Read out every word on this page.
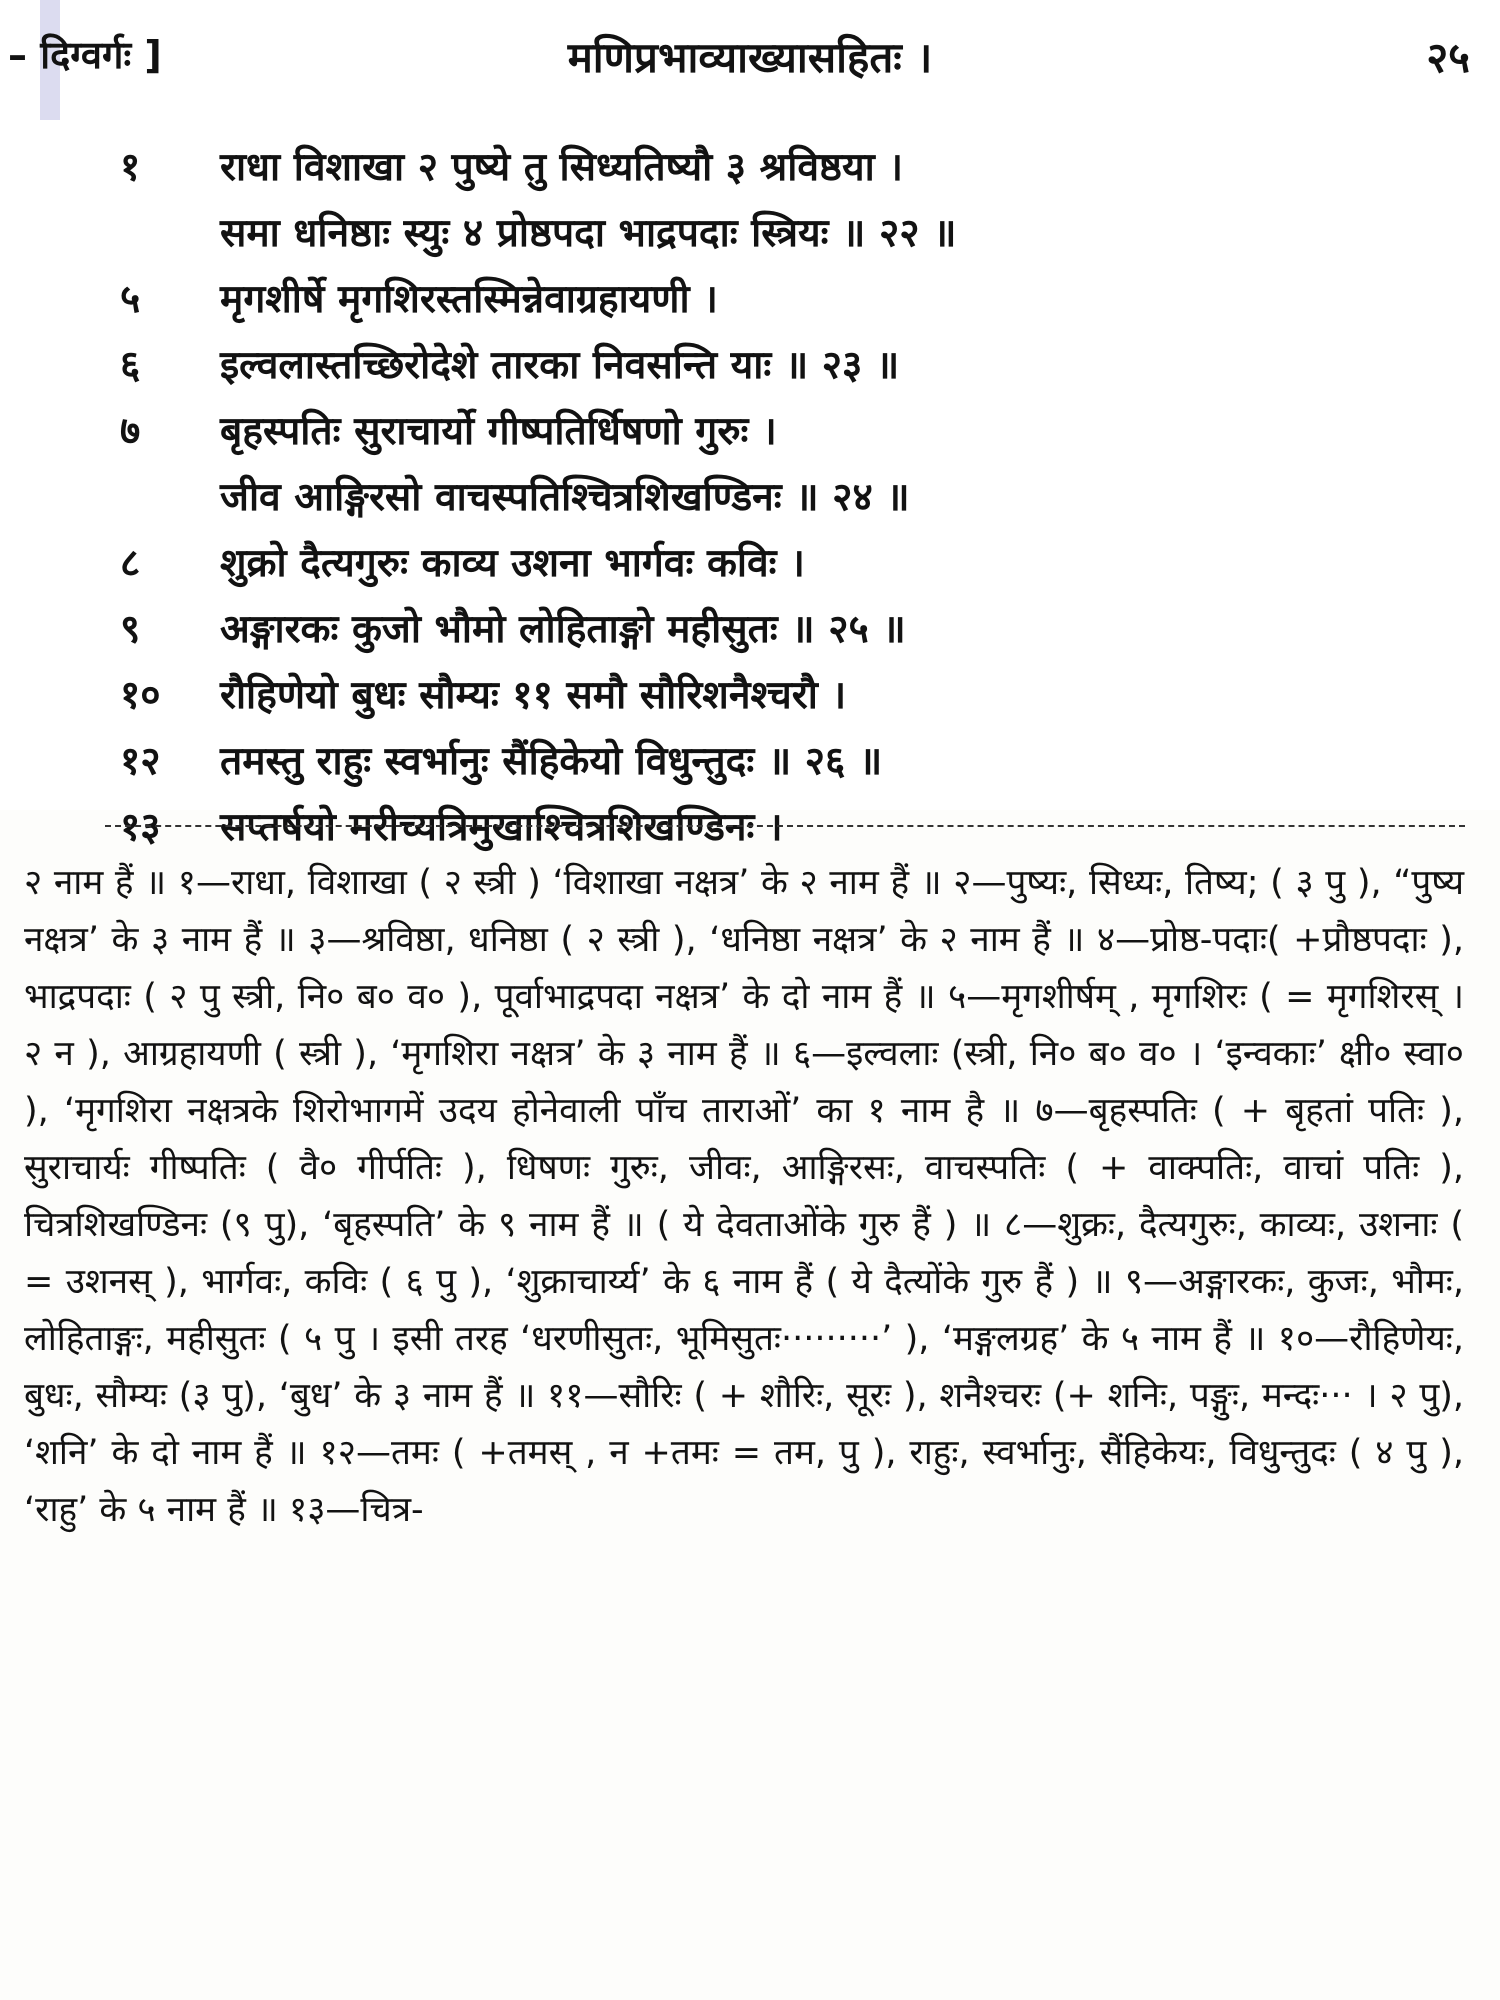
– दिग्वर्गः ]	मणिप्रभाव्याख्यासहितः ।	२५
१	राधा विशाखा २ पुष्ये तु सिध्यतिष्यौ ३ श्रविष्ठया ।
समा धनिष्ठाः स्युः ४ प्रोष्ठपदा भाद्रपदाः स्त्रियः ॥ २२ ॥
५	मृगशीर्षे मृगशिरस्तस्मिन्नेवाग्रहायणी ।
६	इल्वलास्तच्छिरोदेशे तारका निवसन्ति याः ॥ २३ ॥
७	बृहस्पतिः सुराचार्यो गीष्पतिर्धिषणो गुरुः ।
जीव आङ्गिरसो वाचस्पतिश्चित्रशिखण्डिनः ॥ २४ ॥
८	शुक्रो दैत्यगुरुः काव्य उशना भार्गवः कविः ।
९	अङ्गारकः कुजो भौमो लोहिताङ्गो महीसुतः ॥ २५ ॥
१०	रौहिणेयो बुधः सौम्यः ११ समौ सौरिशनैश्चरौ ।
१२	तमस्तु राहुः स्वर्भानुः सैंहिकेयो विधुन्तुदः ॥ २६ ॥
१३	सप्तर्षयो मरीच्यत्रिमुखाश्चित्रशिखण्डिनः ।
२ नाम हैं ॥ १—राधा, विशाखा ( २ स्त्री ) ‘विशाखा नक्षत्र’ के २ नाम हैं ॥ २—पुष्यः, सिध्यः, तिष्य; ( ३ पु ), “पुष्य नक्षत्र’ के ३ नाम हैं ॥ ३—श्रविष्ठा, धनिष्ठा ( २ स्त्री ), ‘धनिष्ठा नक्षत्र’ के २ नाम हैं ॥ ४—प्रोष्ठ-पदाः( +प्रौष्ठपदाः ), भाद्रपदाः ( २ पु स्त्री, नि० ब० व० ), पूर्वाभाद्रपदा नक्षत्र’ के दो नाम हैं ॥ ५—मृगशीर्षम् , मृगशिरः ( = मृगशिरस् । २ न ), आग्रहायणी ( स्त्री ), ‘मृगशिरा नक्षत्र’ के ३ नाम हैं ॥ ६—इल्वलाः (स्त्री, नि० ब० व० । ‘इन्वकाः’ क्षी० स्वा० ), ‘मृगशिरा नक्षत्रके शिरोभागमें उदय होनेवाली पाँच ताराओं’ का १ नाम है ॥ ७—बृहस्पतिः ( + बृहतां पतिः ), सुराचार्यः गीष्पतिः ( वै० गीर्पतिः ), धिषणः गुरुः, जीवः, आङ्गिरसः, वाचस्पतिः ( + वाक्पतिः, वाचां पतिः ), चित्रशिखण्डिनः (९ पु), ‘बृहस्पति’ के ९ नाम हैं ॥ ( ये देवताओंके गुरु हैं ) ॥ ८—शुक्रः, दैत्यगुरुः, काव्यः, उशनाः ( = उशनस् ), भार्गवः, कविः ( ६ पु ), ‘शुक्राचार्य्य’ के ६ नाम हैं ( ये दैत्योंके गुरु हैं ) ॥ ९—अङ्गारकः, कुजः, भौमः, लोहिताङ्गः, महीसुतः ( ५ पु । इसी तरह ‘धरणीसुतः, भूमिसुतः·········’ ), ‘मङ्गलग्रह’ के ५ नाम हैं ॥ १०—रौहिणेयः, बुधः, सौम्यः (३ पु), ‘बुध’ के ३ नाम हैं ॥ ११—सौरिः ( + शौरिः, सूरः ), शनैश्चरः (+ शनिः, पङ्गुः, मन्दः··· । २ पु), ‘शनि’ के दो नाम हैं ॥ १२—तमः ( +तमस् , न +तमः = तम, पु ), राहुः, स्वर्भानुः, सैंहिकेयः, विधुन्तुदः ( ४ पु ), ‘राहु’ के ५ नाम हैं ॥ १३—चित्र-
